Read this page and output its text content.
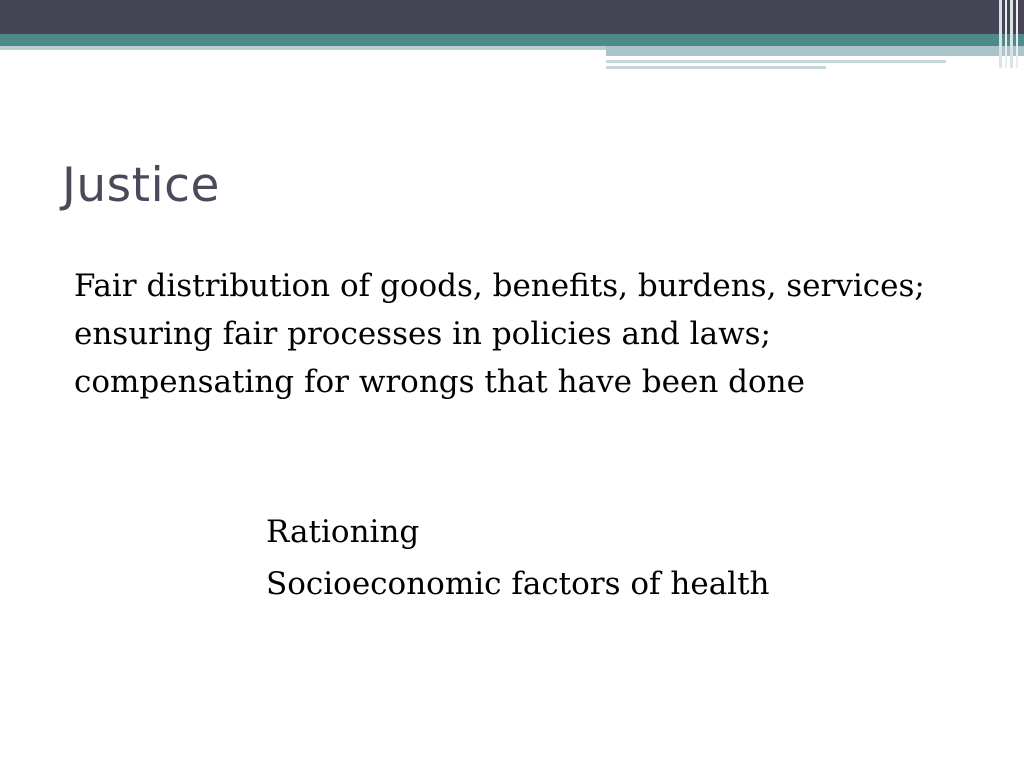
Justice

Fair distribution of goods, benefits, burdens, services; ensuring fair processes in policies and laws; compensating for wrongs that have been done

Rationing
Socioeconomic factors of health
